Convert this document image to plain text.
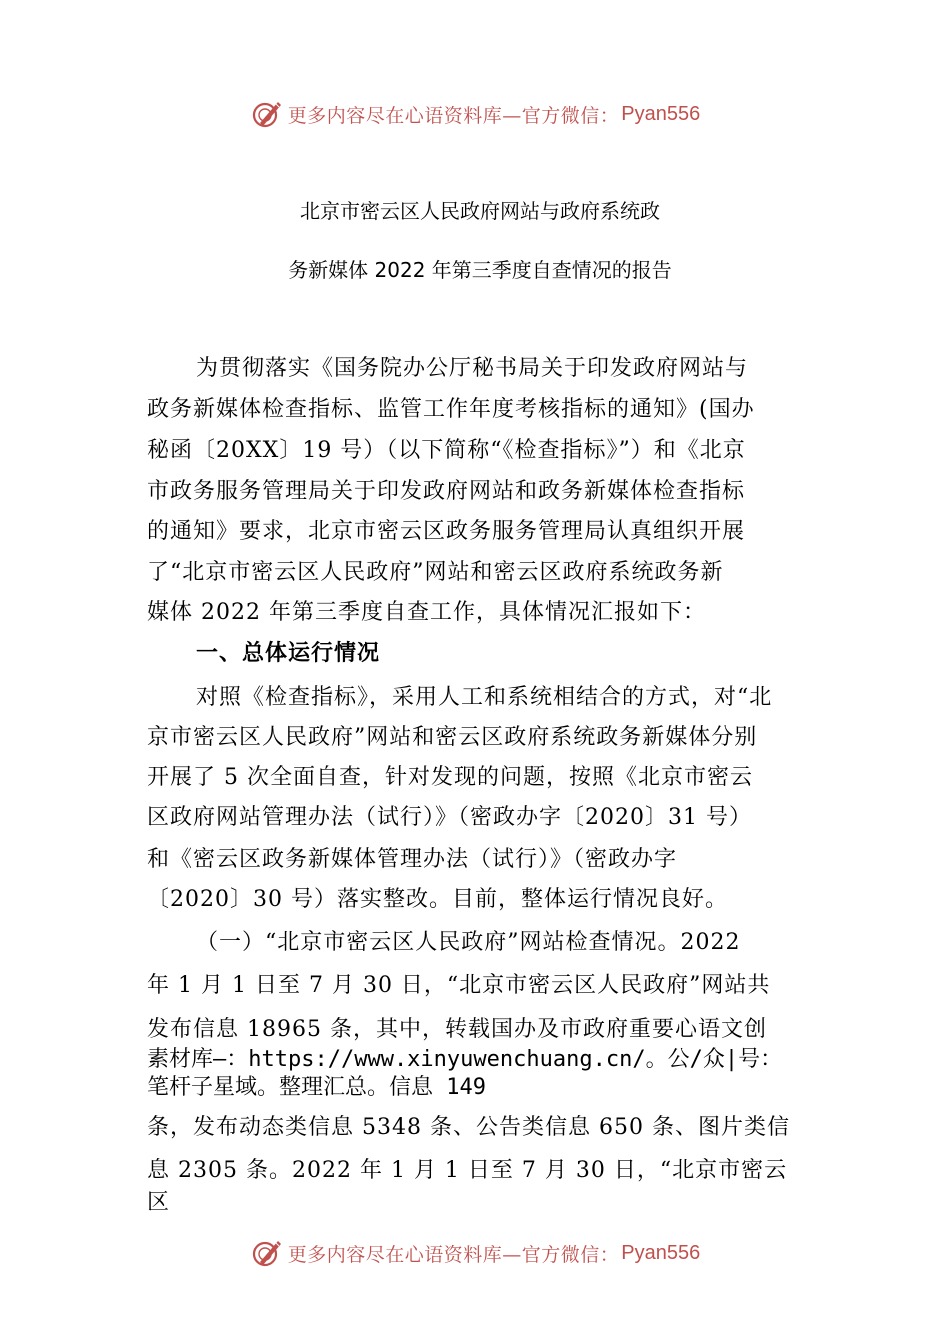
更多内容尽在心语资料库—官方微信： Pyan556
北京市密云区人民政府网站与政府系统政
务新媒体 2022 年第三季度自查情况的报告

为贯彻落实《国务院办公厅秘书局关于印发政府网站与

政务新媒体检查指标、监管工作年度考核指标的通知》(国办

秘函〔20XX〕19 号）（以下简称“《检查指标》”）和《北京

市政务服务管理局关于印发政府网站和政务新媒体检查指标

的通知》要求，北京市密云区政务服务管理局认真组织开展

了“北京市密云区人民政府”网站和密云区政府系统政务新

媒体 2022 年第三季度自查工作，具体情况汇报如下：

一、总体运行情况

对照《检查指标》，采用人工和系统相结合的方式，对“北

京市密云区人民政府”网站和密云区政府系统政务新媒体分别

开展了 5 次全面自查，针对发现的问题，按照《北京市密云

区政府网站管理办法（试行）》（密政办字〔2020〕31 号）

和《密云区政务新媒体管理办法（试行）》（密政办字

〔2020〕30 号）落实整改。目前，整体运行情况良好。

（一）“北京市密云区人民政府”网站检查情况。2022

年 1 月 1 日至 7 月 30 日，“北京市密云区人民政府”网站共

发布信息 18965 条，其中，转载国办及市政府重要心语文创

素材库—：https://www.xinyuwenchuang.cn/。公/众|号：

笔杆子星域。整理汇总。信息 149

条，发布动态类信息 5348 条、公告类信息 650 条、图片类信

息 2305 条。2022 年 1 月 1 日至 7 月 30 日，“北京市密云

区

更多内容尽在心语资料库—官方微信： Pyan556
